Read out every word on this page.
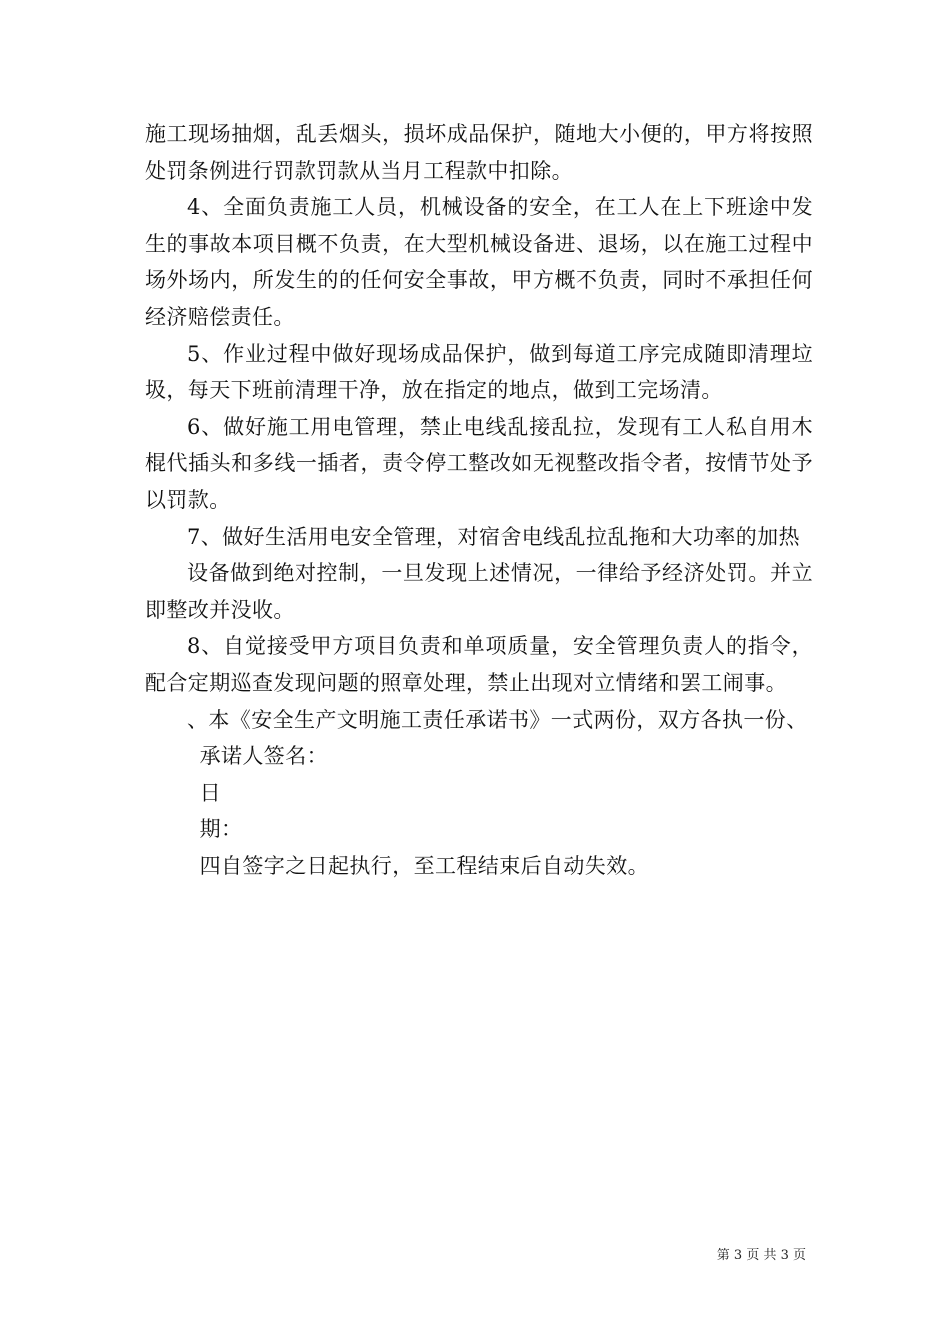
施工现场抽烟，乱丢烟头，损坏成品保护，随地大小便的，甲方将按照处罚条例进行罚款罚款从当月工程款中扣除。

4、全面负责施工人员，机械设备的安全，在工人在上下班途中发生的事故本项目概不负责，在大型机械设备进、退场，以在施工过程中场外场内，所发生的的任何安全事故，甲方概不负责，同时不承担任何经济赔偿责任。

5、作业过程中做好现场成品保护，做到每道工序完成随即清理垃圾，每天下班前清理干净，放在指定的地点，做到工完场清。

6、做好施工用电管理，禁止电线乱接乱拉，发现有工人私自用木棍代插头和多线一插者，责令停工整改如无视整改指令者，按情节处予以罚款。

7、做好生活用电安全管理，对宿舍电线乱拉乱拖和大功率的加热

设备做到绝对控制，一旦发现上述情况，一律给予经济处罚。并立即整改并没收。

8、自觉接受甲方项目负责和单项质量，安全管理负责人的指令，配合定期巡查发现问题的照章处理，禁止出现对立情绪和罢工闹事。

、本《安全生产文明施工责任承诺书》一式两份，双方各执一份、

承诺人签名：

日

期：

四自签字之日起执行，至工程结束后自动失效。

第 3 页 共 3 页
